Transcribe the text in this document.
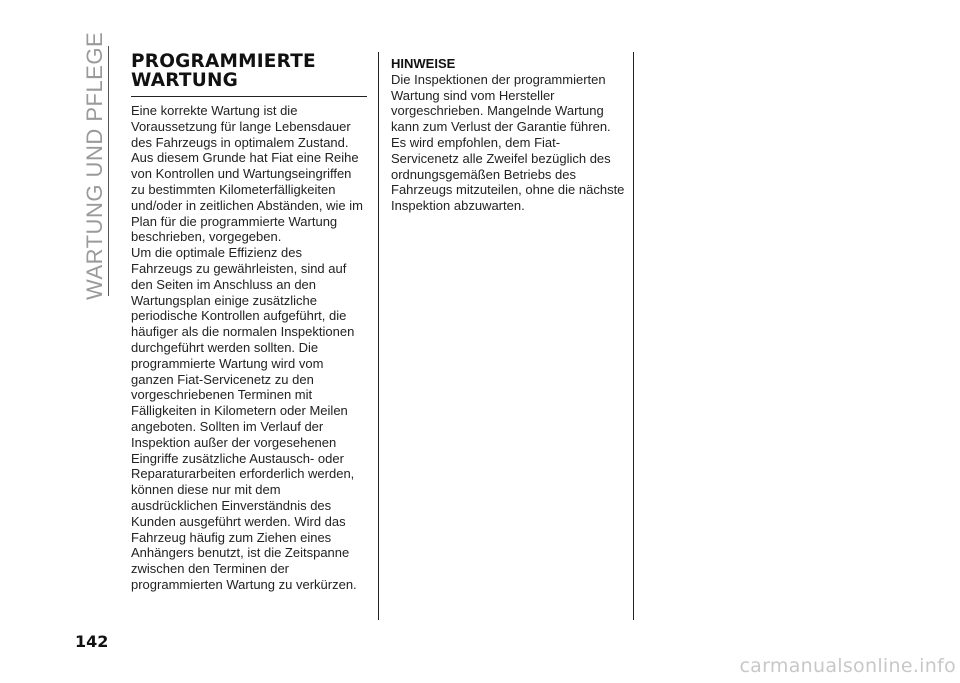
WARTUNG UND PFLEGE PROGRAMMIERTE
WARTUNG

Eine korrekte Wartung ist die Voraussetzung für lange Lebensdauer des Fahrzeugs in optimalem Zustand. Aus diesem Grunde hat Fiat eine Reihe von Kontrollen und Wartungseingriffen zu bestimmten Kilometerfälligkeiten und/oder in zeitlichen Abständen, wie im Plan für die programmierte Wartung beschrieben, vorgegeben.

Um die optimale Effizienz des Fahrzeugs zu gewährleisten, sind auf den Seiten im Anschluss an den Wartungsplan einige zusätzliche periodische Kontrollen aufgeführt, die häufiger als die normalen Inspektionen durchgeführt werden sollten. Die programmierte Wartung wird vom ganzen Fiat-Servicenetz zu den vorgeschriebenen Terminen mit Fälligkeiten in Kilometern oder Meilen angeboten. Sollten im Verlauf der Inspektion außer der vorgesehenen Eingriffe zusätzliche Austausch- oder Reparaturarbeiten erforderlich werden, können diese nur mit dem ausdrücklichen Einverständnis des Kunden ausgeführt werden. Wird das Fahrzeug häufig zum Ziehen eines Anhängers benutzt, ist die Zeitspanne zwischen den Terminen der programmierten Wartung zu verkürzen.

HINWEISE

Die Inspektionen der programmierten Wartung sind vom Hersteller vorgeschrieben. Mangelnde Wartung kann zum Verlust der Garantie führen.

Es wird empfohlen, dem Fiat-Servicenetz alle Zweifel bezüglich des ordnungsgemäßen Betriebs des Fahrzeugs mitzuteilen, ohne die nächste Inspektion abzuwarten.

142
carmanualsonline.info
